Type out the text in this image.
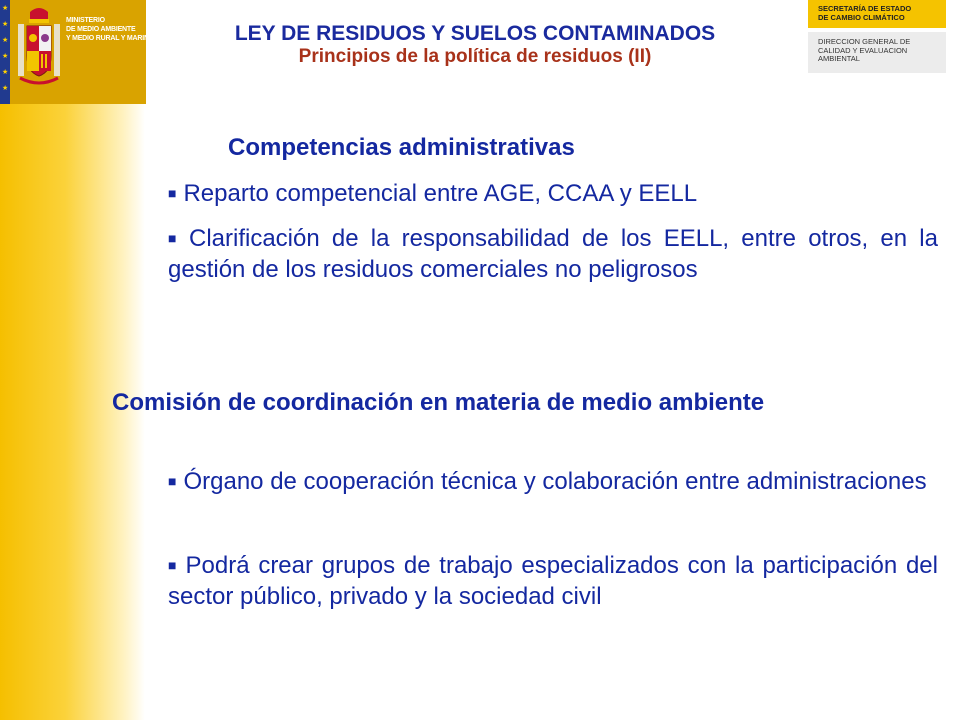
★
★
★
★
★
★
MINISTERIO
DE MEDIO AMBIENTE
Y MEDIO RURAL Y MARINO	LEY DE RESIDUOS Y SUELOS CONTAMINADOS
Principios de la política de residuos (II)
SECRETARÍA DE ESTADO
DE CAMBIO CLIMÁTICO
DIRECCION GENERAL DE
CALIDAD Y EVALUACION
AMBIENTAL
Competencias administrativas
■ Reparto competencial entre AGE, CCAA y EELL
■ Clarificación de la responsabilidad de los EELL, entre otros, en la gestión de los residuos comerciales no peligrosos
Comisión de coordinación en materia de medio ambiente
■ Órgano de cooperación técnica y colaboración entre administraciones
■ Podrá crear grupos de trabajo especializados con la participación del sector público, privado y la sociedad civil
